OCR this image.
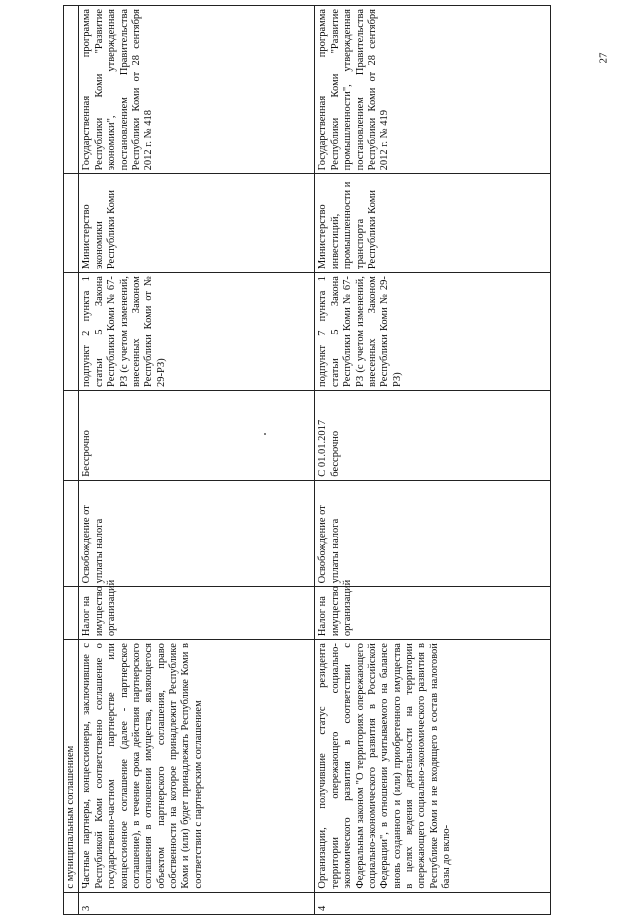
27
	с муниципальным соглашением						
3	Частные партнеры, концессионеры, заключившие с Республикой Коми соответственно соглашение о государственно-частном партнерстве или концессионное соглашение (далее - партнерское соглашение), в течение срока действия партнерского соглашения в отношении имущества, являющегося объектом партнерского соглашения, право собственности на которое принадлежит Республике Коми и (или) будет принадлежать Республике Коми в соответствии с партнерским соглашением	Налог на имущество организаций	Освобождение от уплаты налога	Бессрочно	подпункт 2 пункта 1 статьи 5 Закона Республики Коми № 67-РЗ (с учетом изменений, внесенных Законом Республики Коми от № 29-РЗ)	Министерство экономики Республики Коми	Государственная программа Республики Коми "Развитие экономики", утвержденная постановлением Правительства Республики Коми от 28 сентября 2012 г. № 418
4	Организации, получившие статус резидента территории опережающего социально-экономического развития в соответствии с Федеральным законом "О территориях опережающего социально-экономического развития в Российской Федерации", в отношении учитываемого на балансе вновь созданного и (или) приобретенного имущества в целях ведения деятельности на территории опережающего социально-экономического развития в Республике Коми и не входящего в состав налоговой базы до вклю-	Налог на имущество организаций	Освобождение от уплаты налога	С 01.01.2017 бессрочно	подпункт 7 пункта 1 статьи 5 Закона Республики Коми № 67-РЗ (с учетом изменений, внесенных Законом Республики Коми № 29-РЗ)	Министерство инвестиций, промышленности и транспорта Республики Коми	Государственная программа Республики Коми "Развитие промышленности", утвержденная постановлением Правительства Республики Коми от 28 сентября 2012 г. № 419
